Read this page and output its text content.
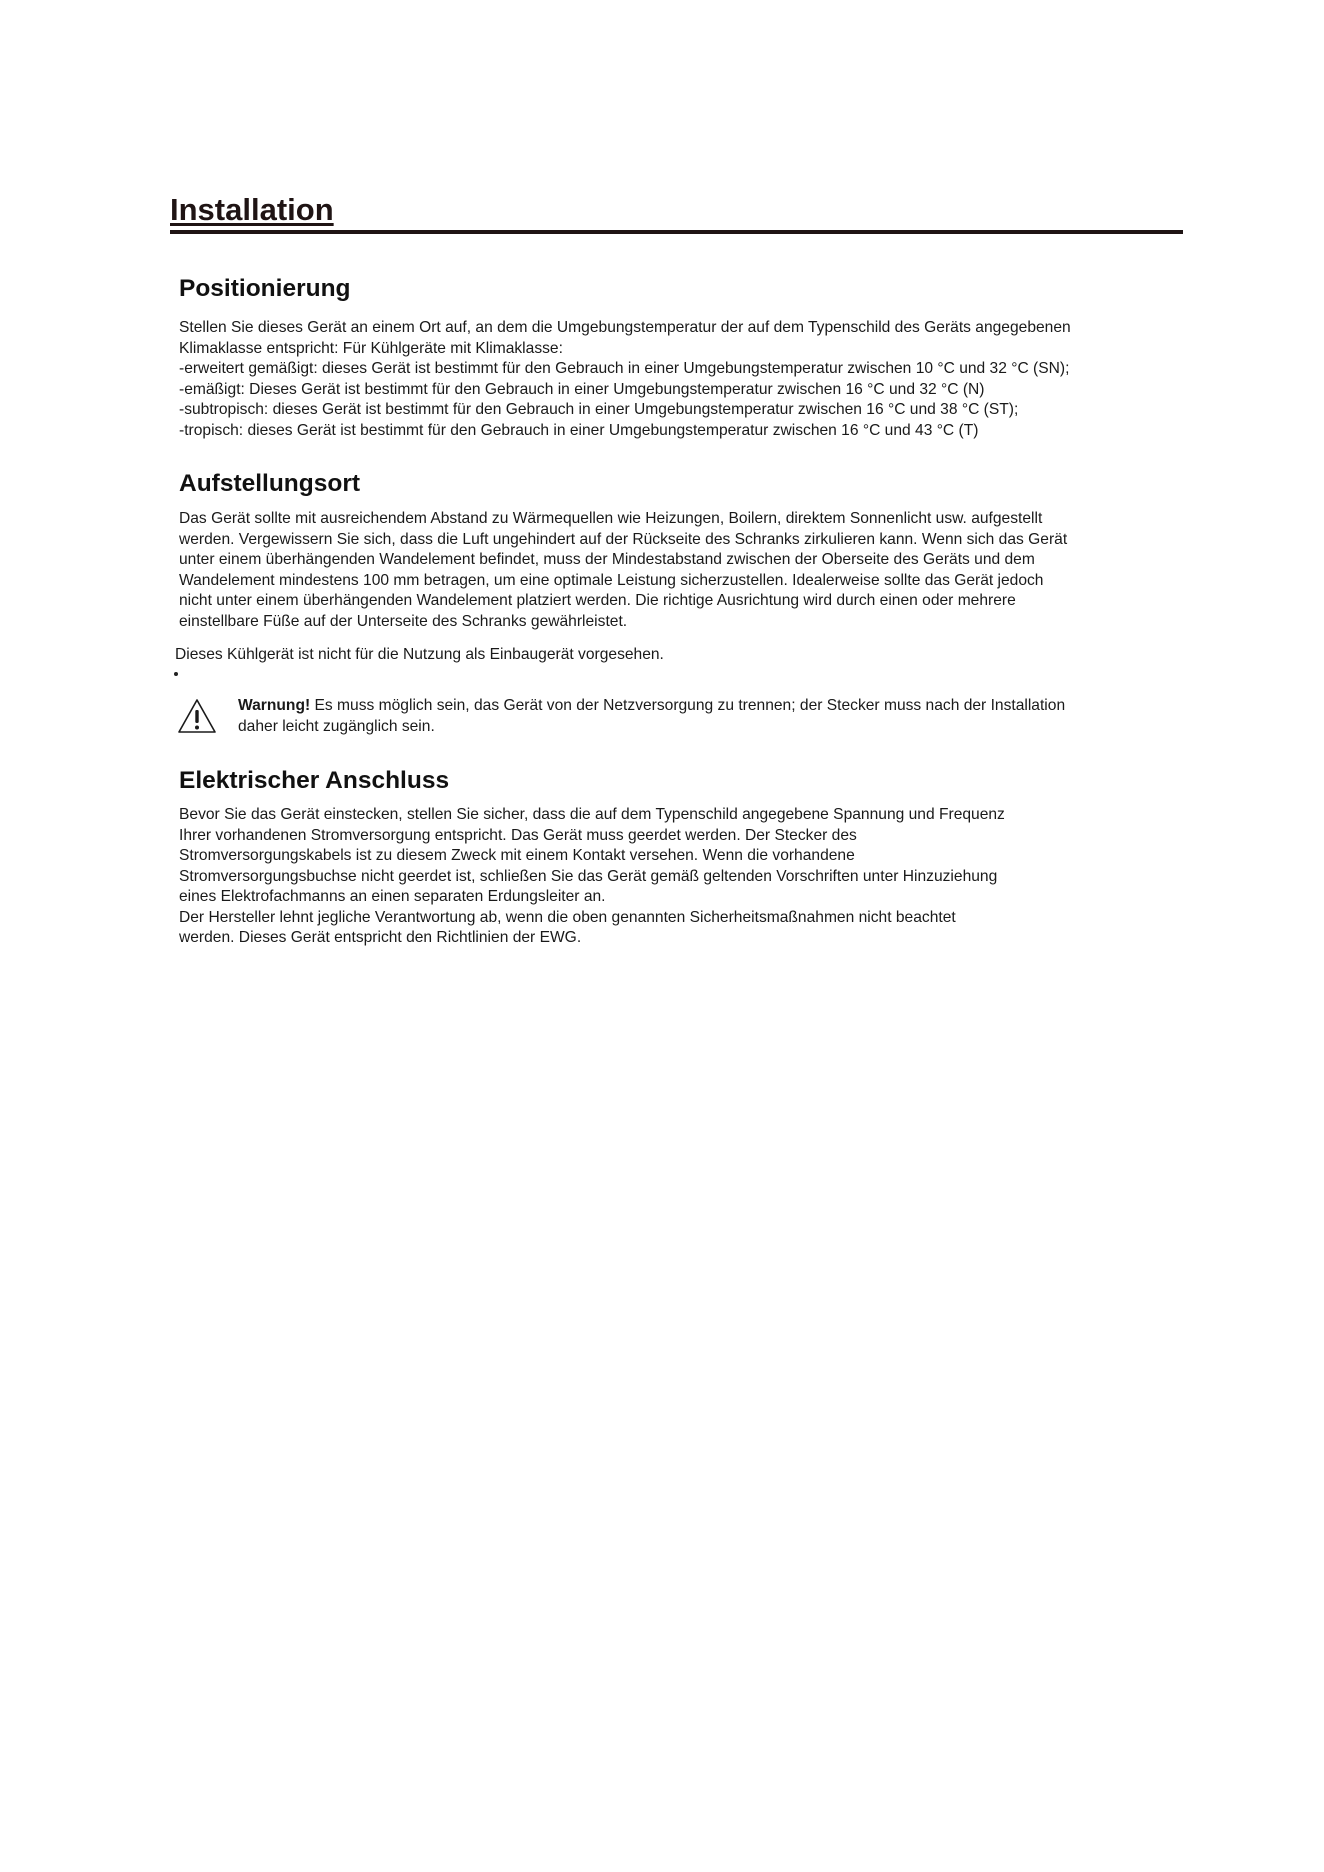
Installation
Positionierung
Stellen Sie dieses Gerät an einem Ort auf, an dem die Umgebungstemperatur der auf dem Typenschild des Geräts angegebenen
Klimaklasse entspricht: Für Kühlgeräte mit Klimaklasse:
-erweitert gemäßigt: dieses Gerät ist bestimmt für den Gebrauch in einer Umgebungstemperatur zwischen 10 °C und 32 °C (SN);
-emäßigt: Dieses Gerät ist bestimmt für den Gebrauch in einer Umgebungstemperatur zwischen 16 °C und 32 °C (N)
-subtropisch: dieses Gerät ist bestimmt für den Gebrauch in einer Umgebungstemperatur zwischen 16 °C und 38 °C (ST);
-tropisch: dieses Gerät ist bestimmt für den Gebrauch in einer Umgebungstemperatur zwischen 16 °C und 43 °C (T)
Aufstellungsort
Das Gerät sollte mit ausreichendem Abstand zu Wärmequellen wie Heizungen, Boilern, direktem Sonnenlicht usw. aufgestellt
werden. Vergewissern Sie sich, dass die Luft ungehindert auf der Rückseite des Schranks zirkulieren kann. Wenn sich das Gerät
unter einem überhängenden Wandelement befindet, muss der Mindestabstand zwischen der Oberseite des Geräts und dem
Wandelement mindestens 100 mm betragen, um eine optimale Leistung sicherzustellen. Idealerweise sollte das Gerät jedoch
nicht unter einem überhängenden Wandelement platziert werden. Die richtige Ausrichtung wird durch einen oder mehrere
einstellbare Füße auf der Unterseite des Schranks gewährleistet.
Dieses Kühlgerät ist nicht für die Nutzung als Einbaugerät vorgesehen.
Warnung! Es muss möglich sein, das Gerät von der Netzversorgung zu trennen; der Stecker muss nach der Installation
daher leicht zugänglich sein.
Elektrischer Anschluss
Bevor Sie das Gerät einstecken, stellen Sie sicher, dass die auf dem Typenschild angegebene Spannung und Frequenz
Ihrer vorhandenen Stromversorgung entspricht. Das Gerät muss geerdet werden. Der Stecker des
Stromversorgungskabels ist zu diesem Zweck mit einem Kontakt versehen. Wenn die vorhandene
Stromversorgungsbuchse nicht geerdet ist, schließen Sie das Gerät gemäß geltenden Vorschriften unter Hinzuziehung
eines Elektrofachmanns an einen separaten Erdungsleiter an.
Der Hersteller lehnt jegliche Verantwortung ab, wenn die oben genannten Sicherheitsmaßnahmen nicht beachtet
werden. Dieses Gerät entspricht den Richtlinien der EWG.
